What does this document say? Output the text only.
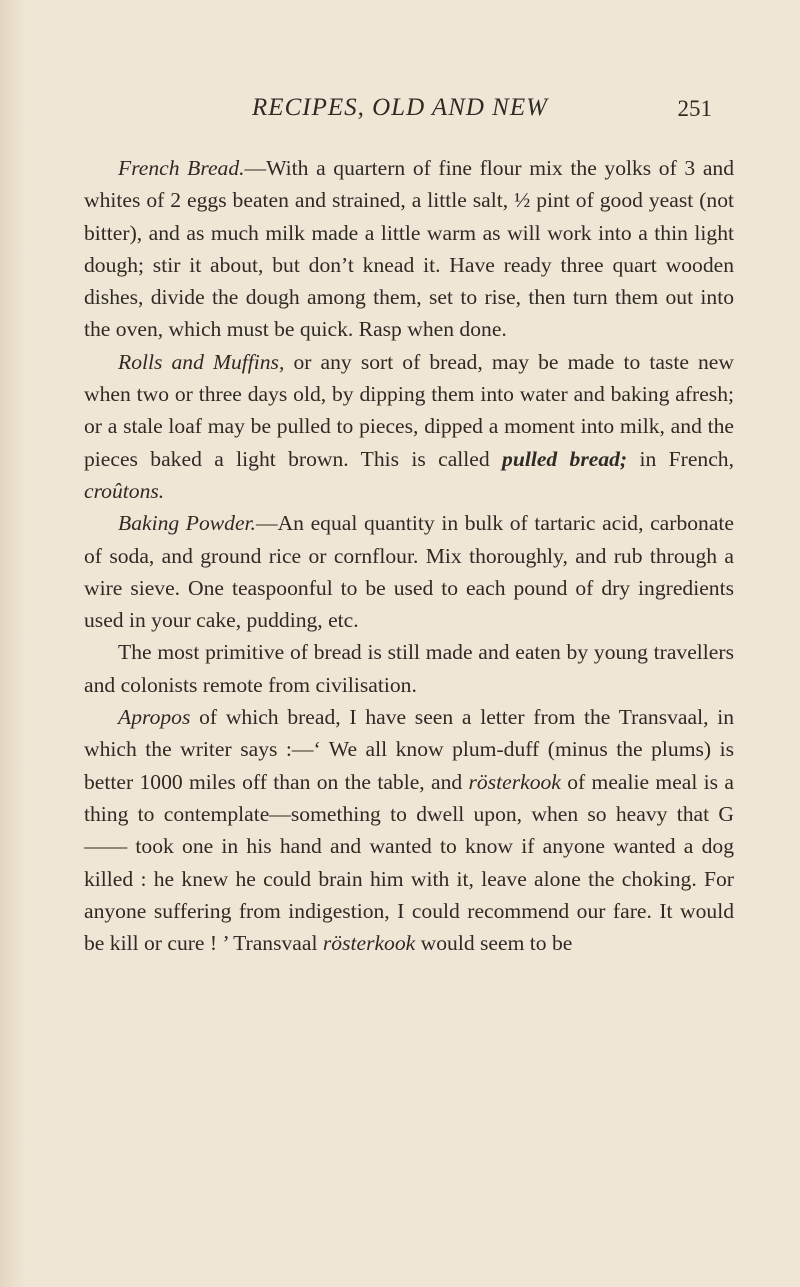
RECIPES, OLD AND NEW	251

French Bread.—With a quartern of fine flour mix the yolks of 3 and whites of 2 eggs beaten and strained, a little salt, ½ pint of good yeast (not bitter), and as much milk made a little warm as will work into a thin light dough; stir it about, but don’t knead it. Have ready three quart wooden dishes, divide the dough among them, set to rise, then turn them out into the oven, which must be quick. Rasp when done.

Rolls and Muffins, or any sort of bread, may be made to taste new when two or three days old, by dipping them into water and baking afresh; or a stale loaf may be pulled to pieces, dipped a moment into milk, and the pieces baked a light brown. This is called pulled bread; in French, croûtons.

Baking Powder.—An equal quantity in bulk of tartaric acid, carbonate of soda, and ground rice or cornflour. Mix thoroughly, and rub through a wire sieve. One teaspoonful to be used to each pound of dry ingredients used in your cake, pudding, etc.

The most primitive of bread is still made and eaten by young travellers and colonists remote from civilisation.

Apropos of which bread, I have seen a letter from the Transvaal, in which the writer says :—‘ We all know plum-duff (minus the plums) is better 1000 miles off than on the table, and rösterkook of mealie meal is a thing to contemplate—something to dwell upon, when so heavy that G—— took one in his hand and wanted to know if anyone wanted a dog killed : he knew he could brain him with it, leave alone the choking. For anyone suffering from indigestion, I could recommend our fare. It would be kill or cure ! ’ Transvaal rösterkook would seem to be
